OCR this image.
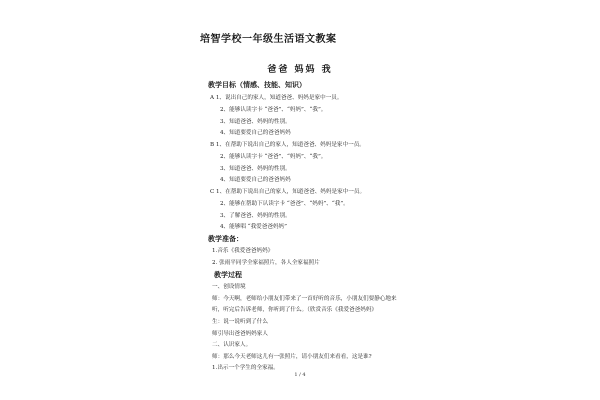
培智学校一年级生活语文教案
爸爸 妈妈 我
教学目标（情感、技能、知识）
A 1、说出自己的家人，知道爸爸、妈妈是家中一员。
2、能够认读字卡 “爸爸”、“妈妈”、“我”。
3、知道爸爸、妈妈的性别。
4、知道要爱自己的爸爸妈妈
B 1、在帮助下说出自己的家人，知道爸爸、妈妈是家中一员。
2、能够认读字卡 “爸爸”、“妈妈”、“我”。
3、知道爸爸、妈妈的性别。
4、知道要爱自己的爸爸妈妈
C 1、在帮助下说出自己的家人，知道爸爸、妈妈是家中一员。
2、能够在帮助下认读字卡 “爸爸”、“妈妈”、“我”。
3、了解爸爸、妈妈的性别。
4、能够唱 “我爱爸爸妈妈”
教学准备：
1.音乐《我爱爸爸妈妈》
2. 张雨平同学全家福照片，各人全家福照片
教学过程
一、创设情境
师：今天啊，老师给小朋友们带来了一首好听的音乐，小朋友们要静心地来
听，听完后告诉老师，你听到了什么。（欣赏音乐《我爱爸爸妈妈》
生：说一说听到了什么
师引导出爸爸妈妈家人
二、认识家人。
师：那么今天老师这儿有一张照片，请小朋友们来看看，这是谁?
1.出示一个学生的全家福。
1 / 4
